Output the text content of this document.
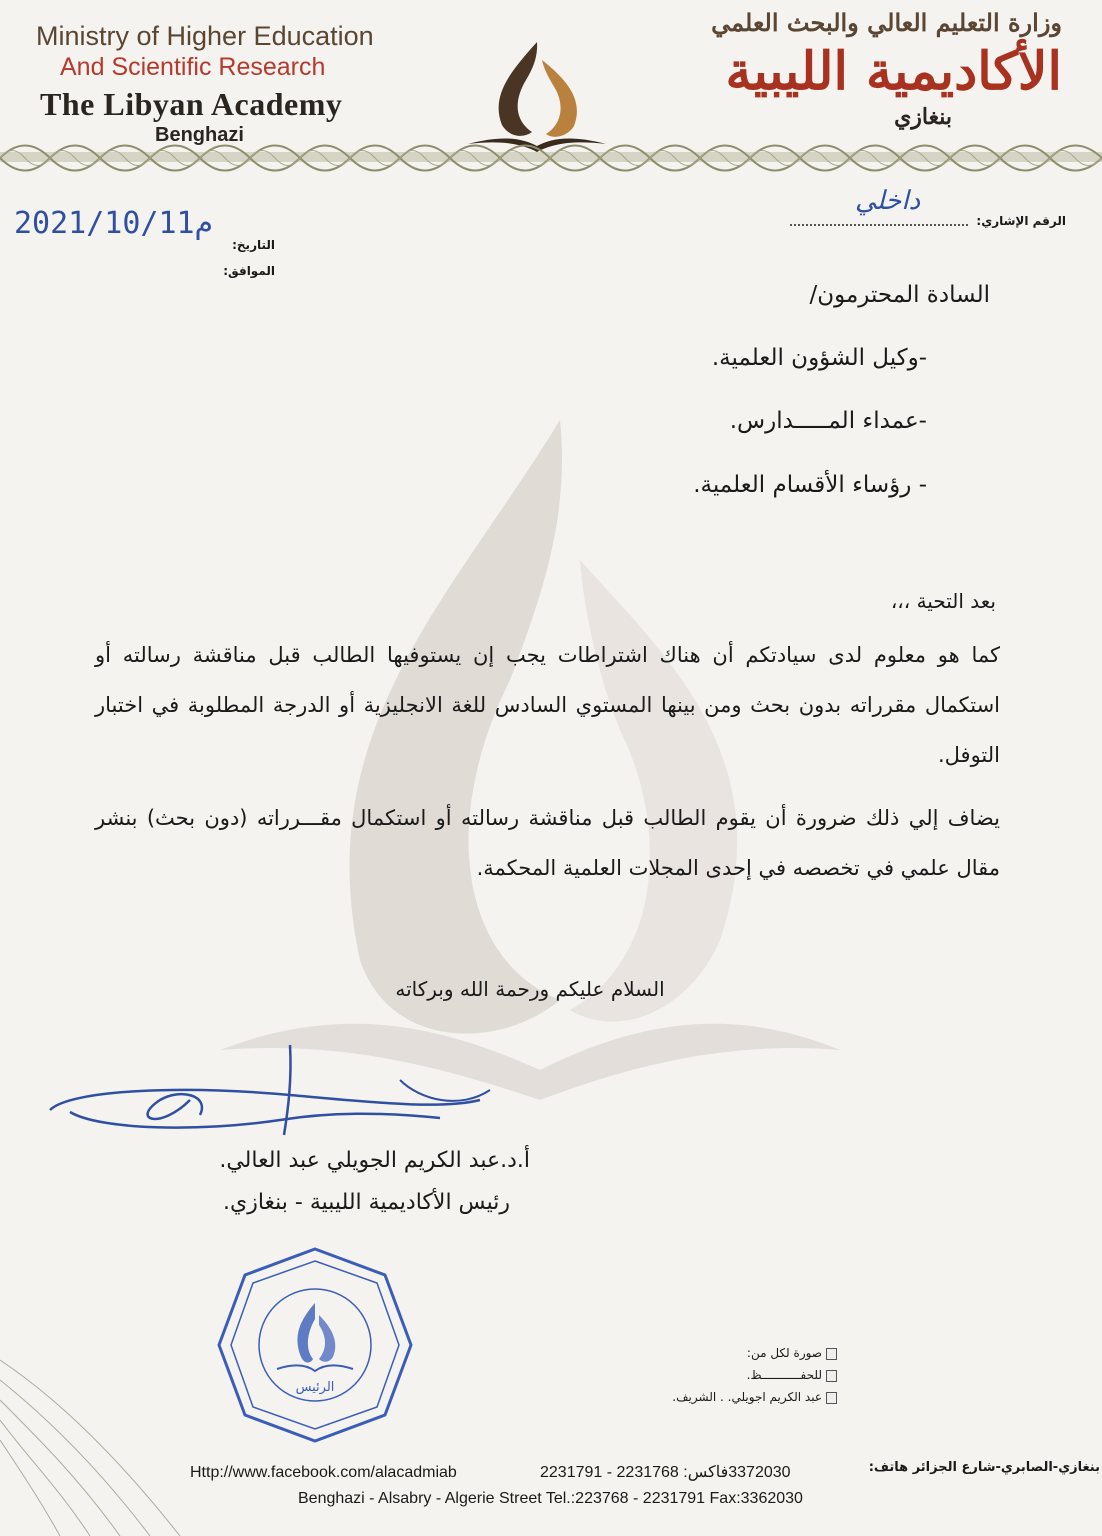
Ministry of Higher Education
And Scientific Research
The Libyan Academy
Benghazi
وزارة التعليم العالي والبحث العلمي
الأكاديمية الليبية
بنغازي
الرقم الإشاري:
داخلي
التاريخ:
الموافق:
2021/10/11م
السادة المحترمون/
-وكيل الشؤون العلمية.
-عمداء المـــــدارس.
- رؤساء الأقسام العلمية.
بعد التحية ،،،
كما هو معلوم لدى سيادتكم أن هناك اشتراطات يجب إن يستوفيها الطالب قبل مناقشة رسالته أو استكمال مقرراته بدون بحث ومن بينها المستوي السادس للغة الانجليزية أو الدرجة المطلوبة في اختبار التوفل.
يضاف إلي ذلك ضرورة أن يقوم الطالب قبل مناقشة رسالته أو استكمال مقـــرراته (دون بحث) بنشر مقال علمي في تخصصه في إحدى المجلات العلمية المحكمة.
السلام عليكم ورحمة الله وبركاته
أ.د.عبد الكريم الجويلي عبد العالي.
رئيس الأكاديمية الليبية - بنغازي.
الرئيس
صورة لكل من:
للحفـــــــــــظ.
عبد الكريم اجويلي. . الشريف.
Http://www.facebook.com/alacadmiab	3372030فاكس: 2231768 - 2231791	بنغازي-الصابري-شارع الجزائر هاتف:
Benghazi - Alsabry - Algerie Street Tel.:223768 - 2231791 Fax:3362030
